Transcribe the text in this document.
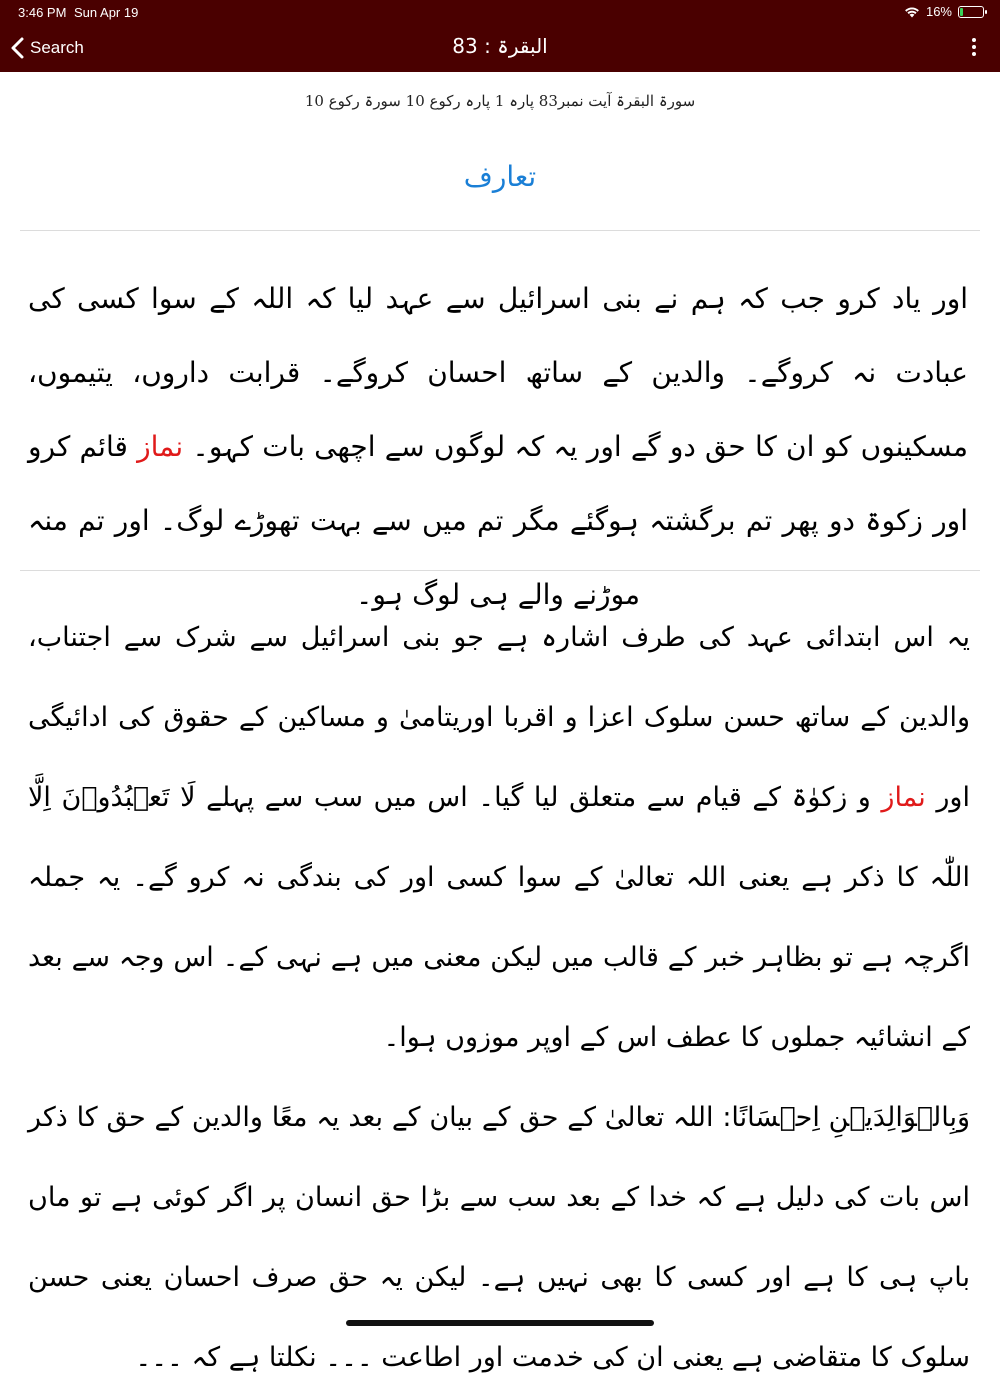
3:46 PM Sun Apr 19	16%
Search	البقرۃ : 83
سورۃ البقرۃ آیت نمبر83 پارہ 1 پارہ رکوع 10 سورۃ رکوع 10
تعارف
اور یاد کرو جب کہ ہم نے بنی اسرائیل سے عہد لیا کہ اللہ کے سوا کسی کی عبادت نہ کروگے۔ والدین کے ساتھ احسان کروگے۔ قرابت داروں، یتیموں، مسکینوں کو ان کا حق دو گے اور یہ کہ لوگوں سے اچھی بات کہو۔ نماز قائم کرو اور زکوۃ دو پھر تم برگشتہ ہوگئے مگر تم میں سے بہت تھوڑے لوگ۔ اور تم منہ موڑنے والے ہی لوگ ہو۔

یہ اس ابتدائی عہد کی طرف اشارہ ہے جو بنی اسرائیل سے شرک سے اجتناب، والدین کے ساتھ حسن سلوک اعزا و اقربا اوریتامیٰ و مساکین کے حقوق کی ادائیگی اور نماز و زکوٰۃ کے قیام سے متعلق لیا گیا۔ اس میں سب سے پہلے لَا تَعۡبُدُوۡنَ اِلَّا اللّٰہ کا ذکر ہے یعنی اللہ تعالیٰ کے سوا کسی اور کی بندگی نہ کرو گے۔ یہ جملہ اگرچہ ہے تو بظاہر خبر کے قالب میں لیکن معنی میں ہے نہی کے۔ اس وجہ سے بعد کے انشائیہ جملوں کا عطف اس کے اوپر موزوں ہوا۔

وَبِالۡوَالِدَیۡنِ اِحۡسَانًا: اللہ تعالیٰ کے حق کے بیان کے بعد یہ معًا والدین کے حق کا ذکر اس بات کی دلیل ہے کہ خدا کے بعد سب سے بڑا حق انسان پر اگر کوئی ہے تو ماں باپ ہی کا ہے اور کسی کا بھی نہیں ہے۔ لیکن یہ حق صرف احسان یعنی حسن سلوک کا متقاضی ہے یعنی ان کی خدمت اور اطاعت ۔۔۔ نکلتا ہے کہ ۔۔۔
